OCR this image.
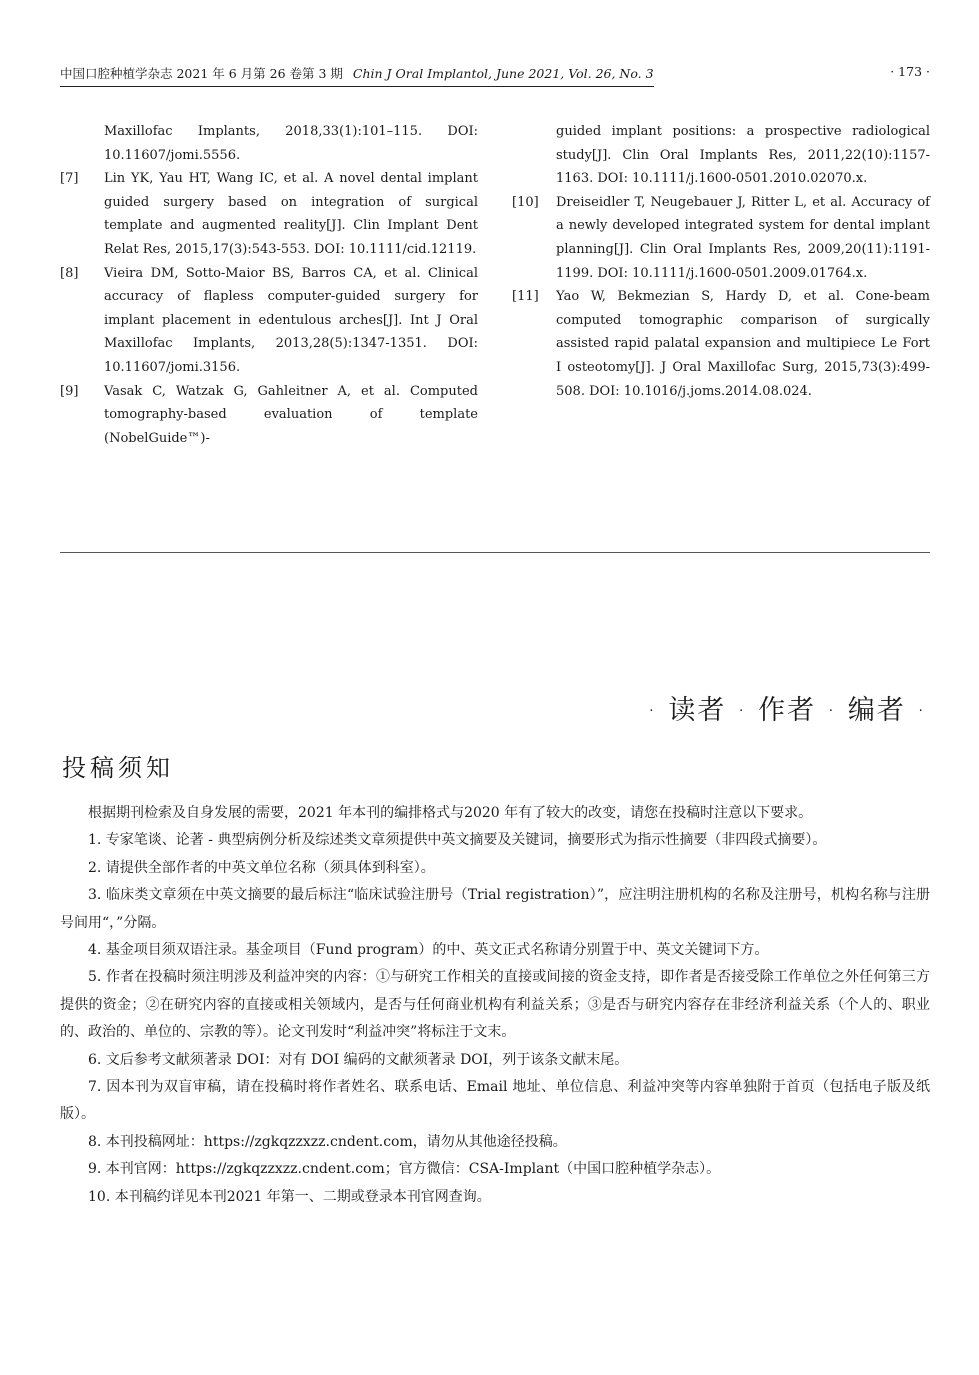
中国口腔种植学杂志 2021 年 6 月第 26 卷第 3 期 Chin J Oral Implantol, June 2021, Vol. 26, No. 3	· 173 ·
Maxillofac Implants, 2018,33(1):101–115. DOI: 10.11607/jomi.5556.
[7] Lin YK, Yau HT, Wang IC, et al. A novel dental implant guided surgery based on integration of surgical template and augmented reality[J]. Clin Implant Dent Relat Res, 2015,17(3):543-553. DOI: 10.1111/cid.12119.
[8] Vieira DM, Sotto-Maior BS, Barros CA, et al. Clinical accuracy of flapless computer-guided surgery for implant placement in edentulous arches[J]. Int J Oral Maxillofac Implants, 2013,28(5):1347-1351. DOI: 10.11607/jomi.3156.
[9] Vasak C, Watzak G, Gahleitner A, et al. Computed tomography-based evaluation of template (NobelGuide™)-
guided implant positions: a prospective radiological study[J]. Clin Oral Implants Res, 2011,22(10):1157-1163. DOI: 10.1111/j.1600-0501.2010.02070.x.
[10] Dreiseidler T, Neugebauer J, Ritter L, et al. Accuracy of a newly developed integrated system for dental implant planning[J]. Clin Oral Implants Res, 2009,20(11):1191-1199. DOI: 10.1111/j.1600-0501.2009.01764.x.
[11] Yao W, Bekmezian S, Hardy D, et al. Cone-beam computed tomographic comparison of surgically assisted rapid palatal expansion and multipiece Le Fort I osteotomy[J]. J Oral Maxillofac Surg, 2015,73(3):499-508. DOI: 10.1016/j.joms.2014.08.024.
· 读者 · 作者 · 编者 ·
投稿须知

根据期刊检索及自身发展的需要，2021 年本刊的编排格式与2020 年有了较大的改变，请您在投稿时注意以下要求。

1. 专家笔谈、论著 - 典型病例分析及综述类文章须提供中英文摘要及关键词，摘要形式为指示性摘要（非四段式摘要）。

2. 请提供全部作者的中英文单位名称（须具体到科室）。

3. 临床类文章须在中英文摘要的最后标注“临床试验注册号（Trial registration）”，应注明注册机构的名称及注册号，机构名称与注册号间用“，”分隔。

4. 基金项目须双语注录。基金项目（Fund program）的中、英文正式名称请分别置于中、英文关键词下方。

5. 作者在投稿时须注明涉及利益冲突的内容：①与研究工作相关的直接或间接的资金支持，即作者是否接受除工作单位之外任何第三方提供的资金；②在研究内容的直接或相关领域内，是否与任何商业机构有利益关系；③是否与研究内容存在非经济利益关系（个人的、职业的、政治的、单位的、宗教的等）。论文刊发时“利益冲突”将标注于文末。

6. 文后参考文献须著录 DOI：对有 DOI 编码的文献须著录 DOI，列于该条文献末尾。

7. 因本刊为双盲审稿，请在投稿时将作者姓名、联系电话、Email 地址、单位信息、利益冲突等内容单独附于首页（包括电子版及纸版）。

8. 本刊投稿网址：https://zgkqzzxzz.cndent.com，请勿从其他途径投稿。

9. 本刊官网：https://zgkqzzxzz.cndent.com；官方微信：CSA-Implant（中国口腔种植学杂志）。

10. 本刊稿约详见本刊2021 年第一、二期或登录本刊官网查询。
